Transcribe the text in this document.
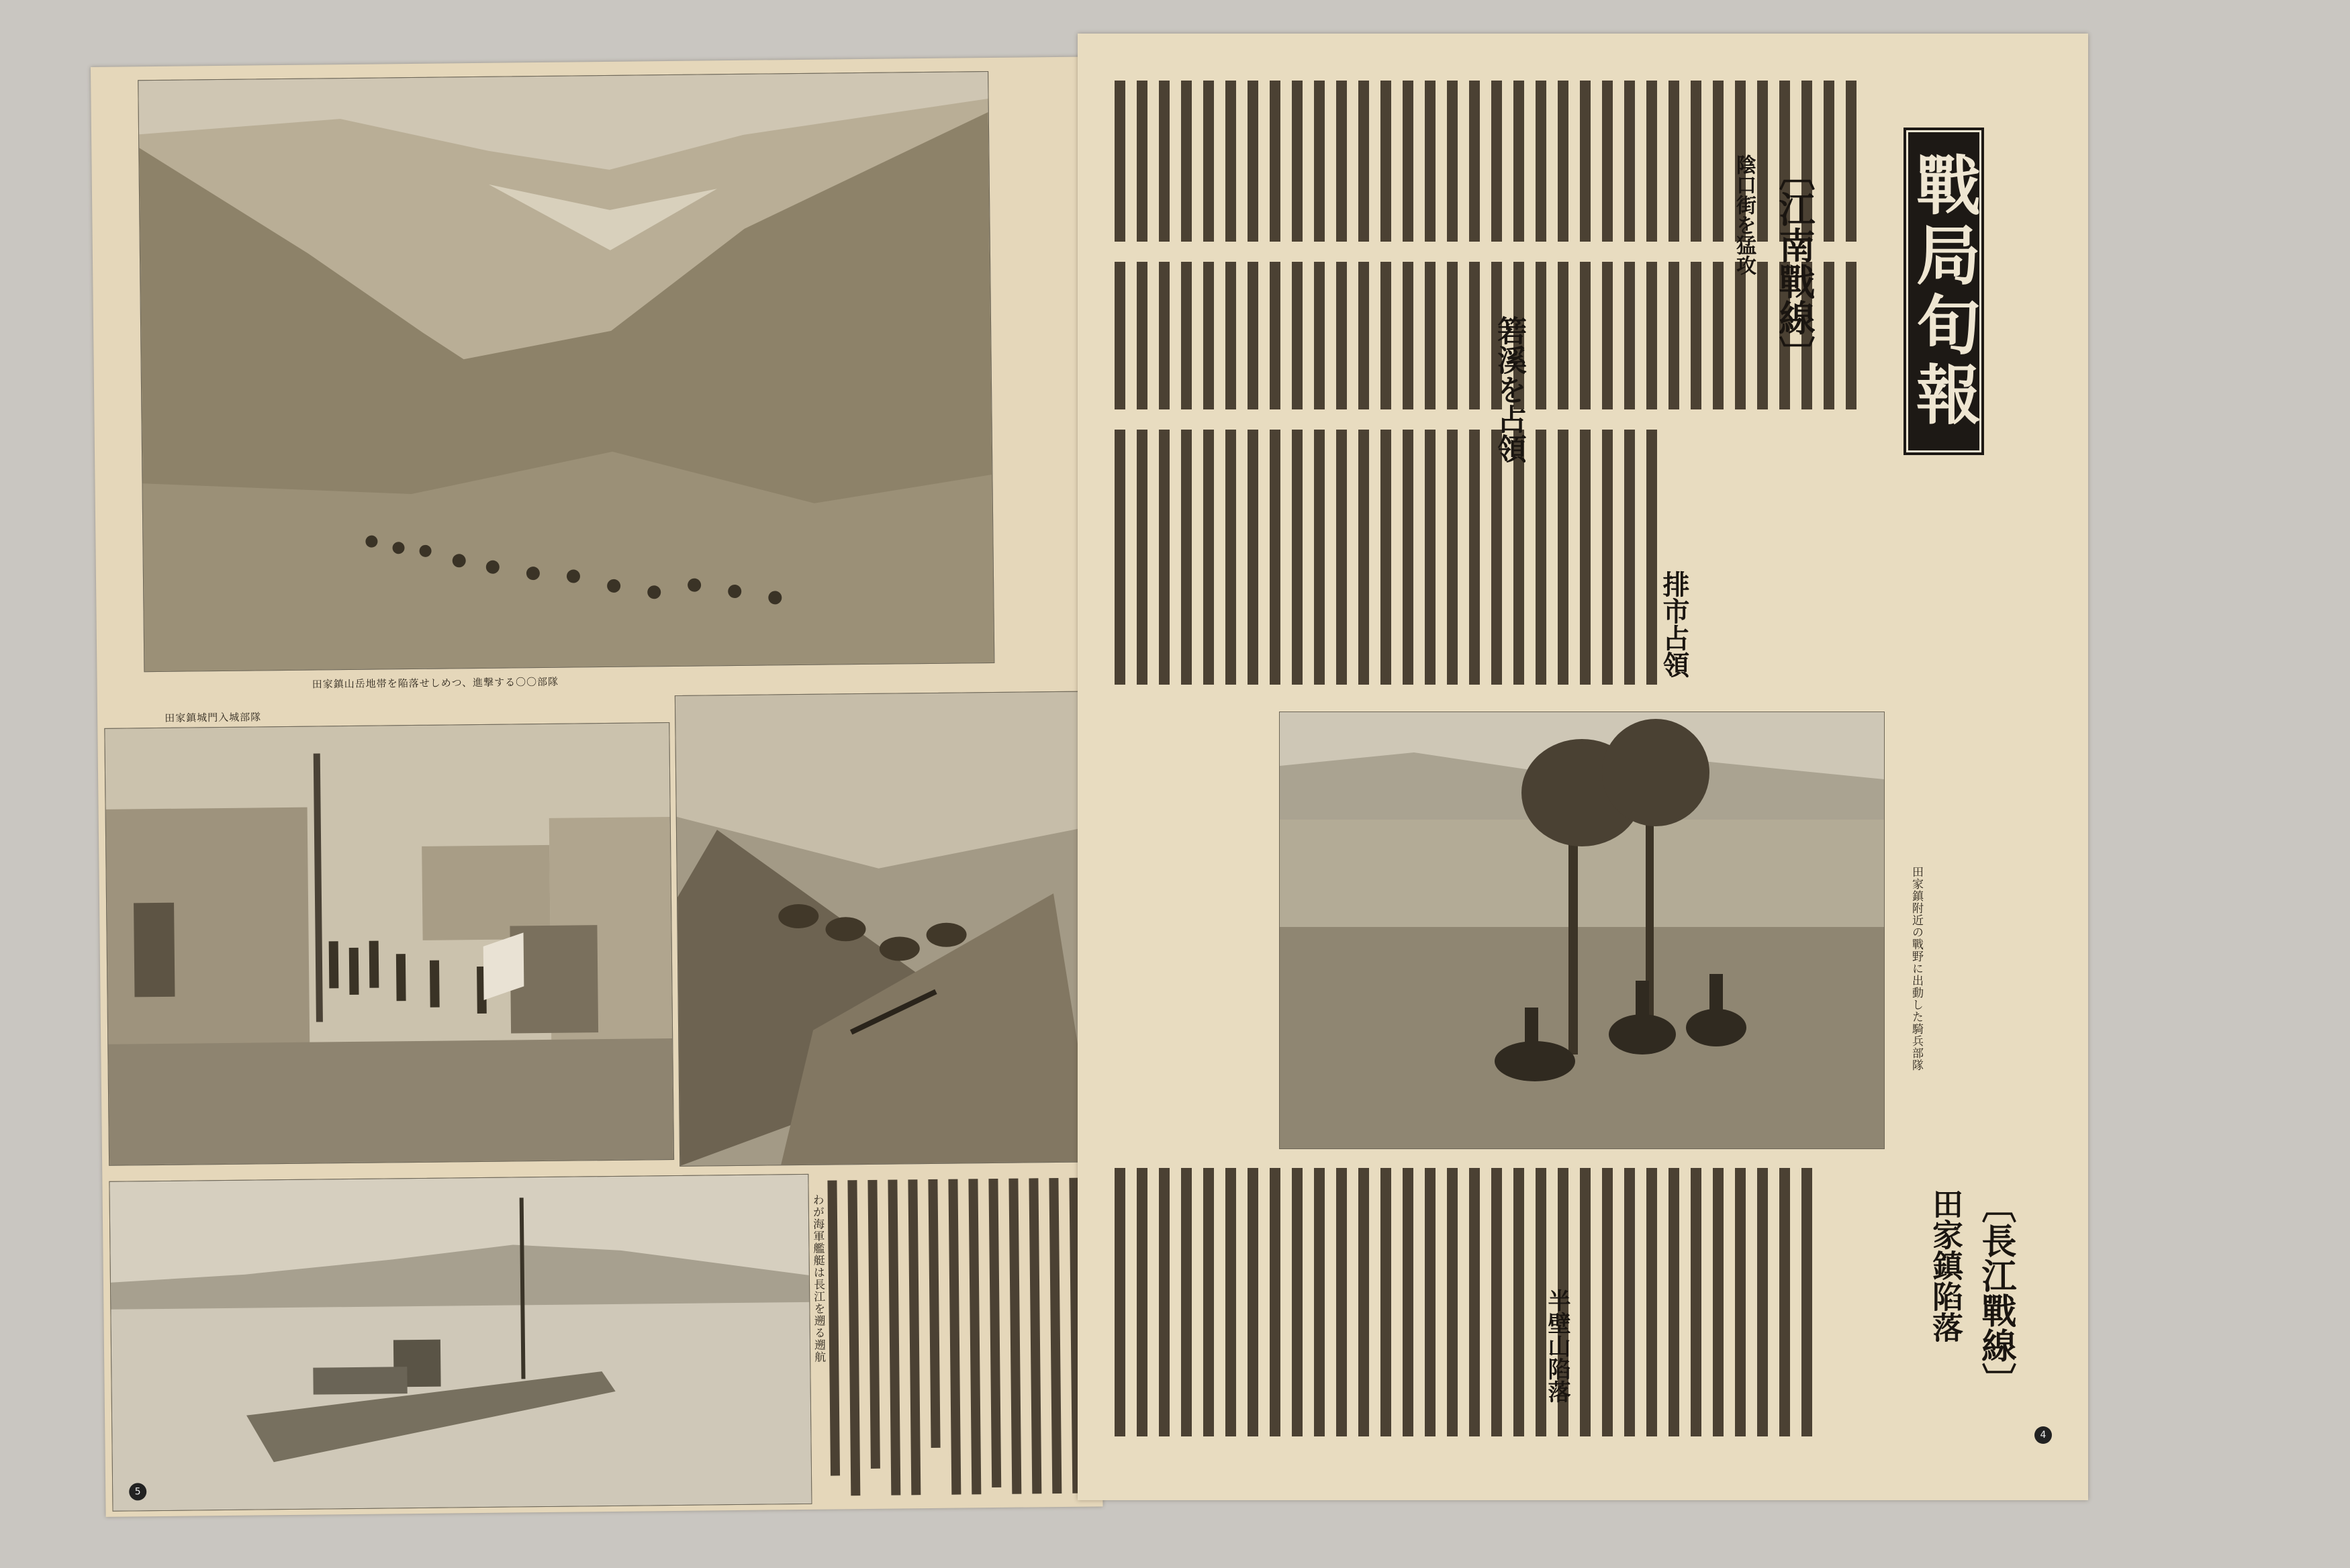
田家鎮山岳地帯を陥落せしめつ、進撃する〇〇部隊
田家鎮城門入城部隊
わが海軍艦艇は長江を遡る遡航
5
〔江南戰線〕
陰口街を猛攻
箬溪を占領
排市占領
田家鎮附近の戰野に出動した騎兵部隊
〔長江戰線〕
田家鎮陷落
半壁山陷落
4
戰局旬報
